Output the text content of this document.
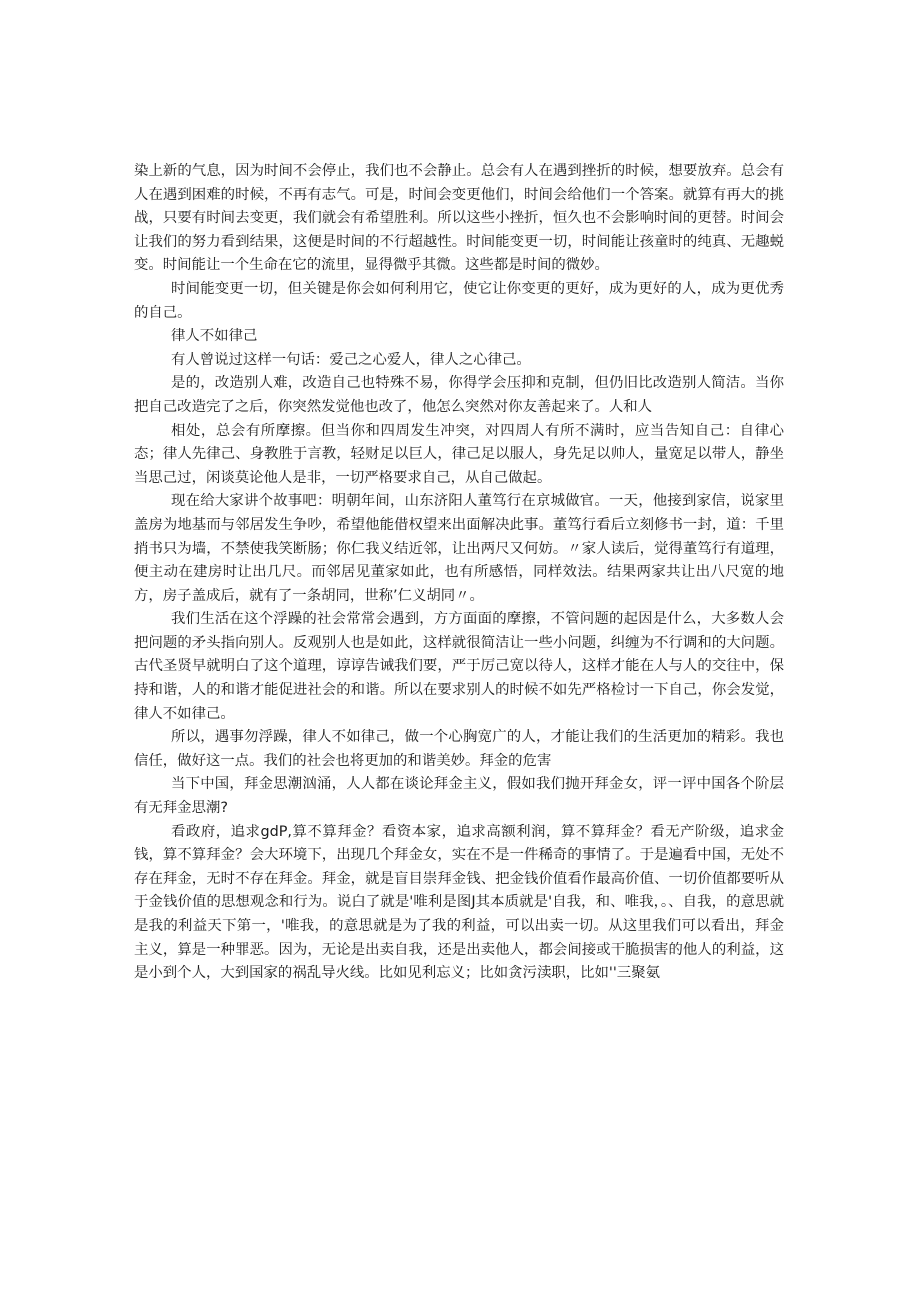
染上新的气息，因为时间不会停止，我们也不会静止。总会有人在遇到挫折的时候，想要放弃。总会有人在遇到困难的时候，不再有志气。可是，时间会变更他们，时间会给他们一个答案。就算有再大的挑战，只要有时间去变更，我们就会有希望胜利。所以这些小挫折，恒久也不会影响时间的更替。时间会让我们的努力看到结果，这便是时间的不行超越性。时间能变更一切，时间能让孩童时的纯真、无趣蜕变。时间能让一个生命在它的流里，显得微乎其微。这些都是时间的微妙。

时间能变更一切，但关键是你会如何利用它，使它让你变更的更好，成为更好的人，成为更优秀的自己。

律人不如律己

有人曾说过这样一句话：爱己之心爱人，律人之心律己。

是的，改造别人难，改造自己也特殊不易，你得学会压抑和克制，但仍旧比改造别人简洁。当你把自己改造完了之后，你突然发觉他也改了，他怎么突然对你友善起来了。人和人

相处，总会有所摩擦。但当你和四周发生冲突，对四周人有所不满时，应当告知自己：自律心态；律人先律己、身教胜于言教，轻财足以巨人，律己足以服人，身先足以帅人，量宽足以带人，静坐当思己过，闲谈莫论他人是非，一切严格要求自己，从自己做起。

现在给大家讲个故事吧：明朝年间，山东济阳人董笃行在京城做官。一天，他接到家信，说家里盖房为地基而与邻居发生争吵，希望他能借权望来出面解决此事。董笃行看后立刻修书一封，道：千里捎书只为墙，不禁使我笑断肠；你仁我义结近邻，让出两尺又何妨。〃家人读后，觉得董笃行有道理，便主动在建房时让出几尺。而邻居见董家如此，也有所感悟，同样效法。结果两家共让出八尺宽的地方，房子盖成后，就有了一条胡同，世称’仁义胡同〃。

我们生活在这个浮躁的社会常常会遇到，方方面面的摩擦，不管问题的起因是什么，大多数人会把问题的矛头指向别人。反观别人也是如此，这样就很简洁让一些小问题，纠缠为不行调和的大问题。古代圣贤早就明白了这个道理，谆谆告诫我们要，严于厉己宽以待人，这样才能在人与人的交往中，保持和谐，人的和谐才能促进社会的和谐。所以在要求别人的时候不如先严格检讨一下自己，你会发觉，律人不如律己。

所以，遇事勿浮躁，律人不如律己，做一个心胸宽广的人，才能让我们的生活更加的精彩。我也信任，做好这一点。我们的社会也将更加的和谐美妙。拜金的危害

当下中国，拜金思潮汹涌，人人都在谈论拜金主义，假如我们抛开拜金女，评一评中国各个阶层有无拜金思潮?

看政府，追求gdP,算不算拜金？看资本家，追求高额利润，算不算拜金？看无产阶级，追求金钱，算不算拜金？会大环境下，出现几个拜金女，实在不是一件稀奇的事情了。于是遍看中国，无处不存在拜金，无时不存在拜金。拜金，就是盲目崇拜金钱、把金钱价值看作最高价值、一切价值都要听从于金钱价值的思想观念和行为。说白了就是'唯利是图J其本质就是'自我，和、唯我，。、自我，的意思就是我的利益天下第一，'唯我，的意思就是为了我的利益，可以出卖一切。从这里我们可以看出，拜金主义，算是一种罪恶。因为，无论是出卖自我，还是出卖他人，都会间接或干脆损害的他人的利益，这是小到个人，大到国家的祸乱导火线。比如见利忘义；比如贪污渎职，比如''三聚氨
